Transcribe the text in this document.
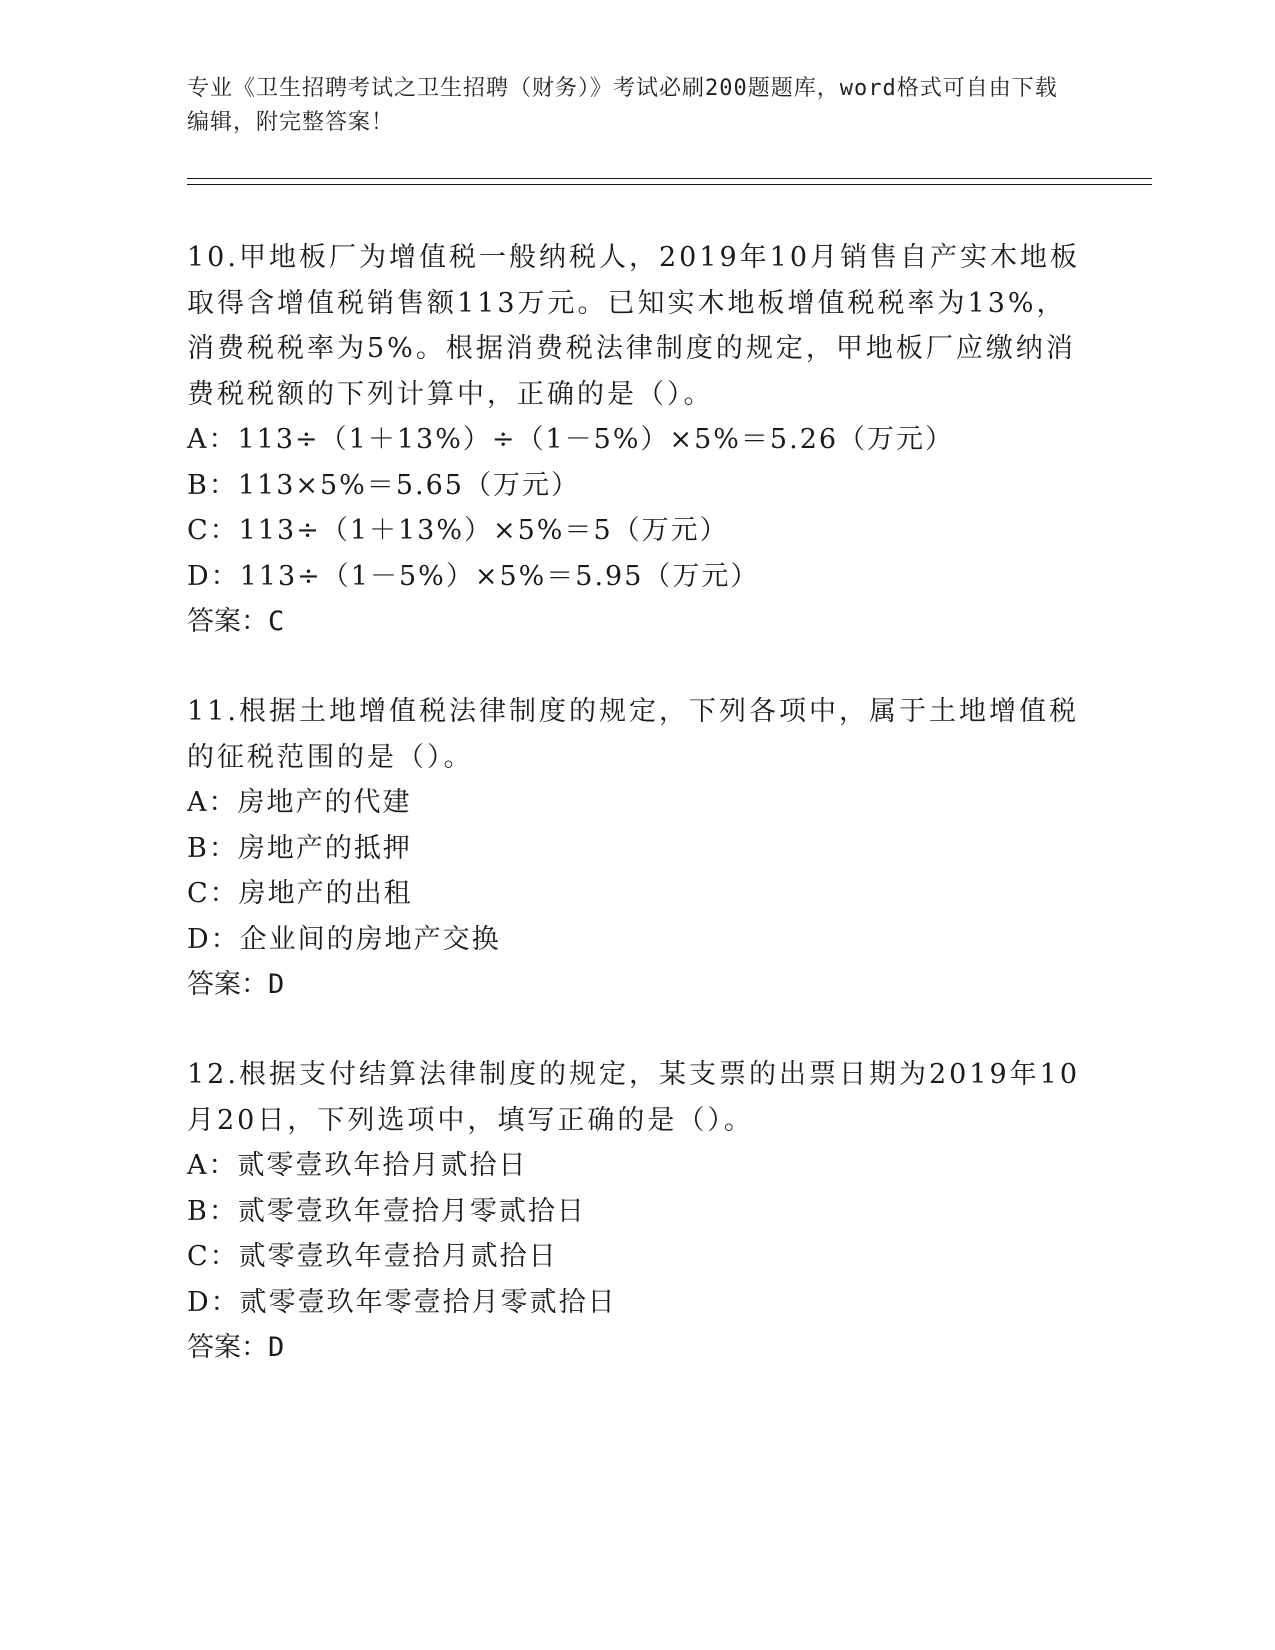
专业《卫生招聘考试之卫生招聘（财务）》考试必刷200题题库，word格式可自由下载编辑，附完整答案！

10.甲地板厂为增值税一般纳税人，2019年10月销售自产实木地板取得含增值税销售额113万元。已知实木地板增值税税率为13%，消费税税率为5%。根据消费税法律制度的规定，甲地板厂应缴纳消费税税额的下列计算中，正确的是（）。

A：113÷（1＋13%）÷（1－5%）×5%＝5.26（万元）

B：113×5%＝5.65（万元）

C：113÷（1＋13%）×5%＝5（万元）

D：113÷（1－5%）×5%＝5.95（万元）

答案：C

11.根据土地增值税法律制度的规定，下列各项中，属于土地增值税的征税范围的是（）。

A：房地产的代建

B：房地产的抵押

C：房地产的出租

D：企业间的房地产交换

答案：D

12.根据支付结算法律制度的规定，某支票的出票日期为2019年10月20日，下列选项中，填写正确的是（）。

A：贰零壹玖年拾月贰拾日

B：贰零壹玖年壹拾月零贰拾日

C：贰零壹玖年壹拾月贰拾日

D：贰零壹玖年零壹拾月零贰拾日

答案：D
